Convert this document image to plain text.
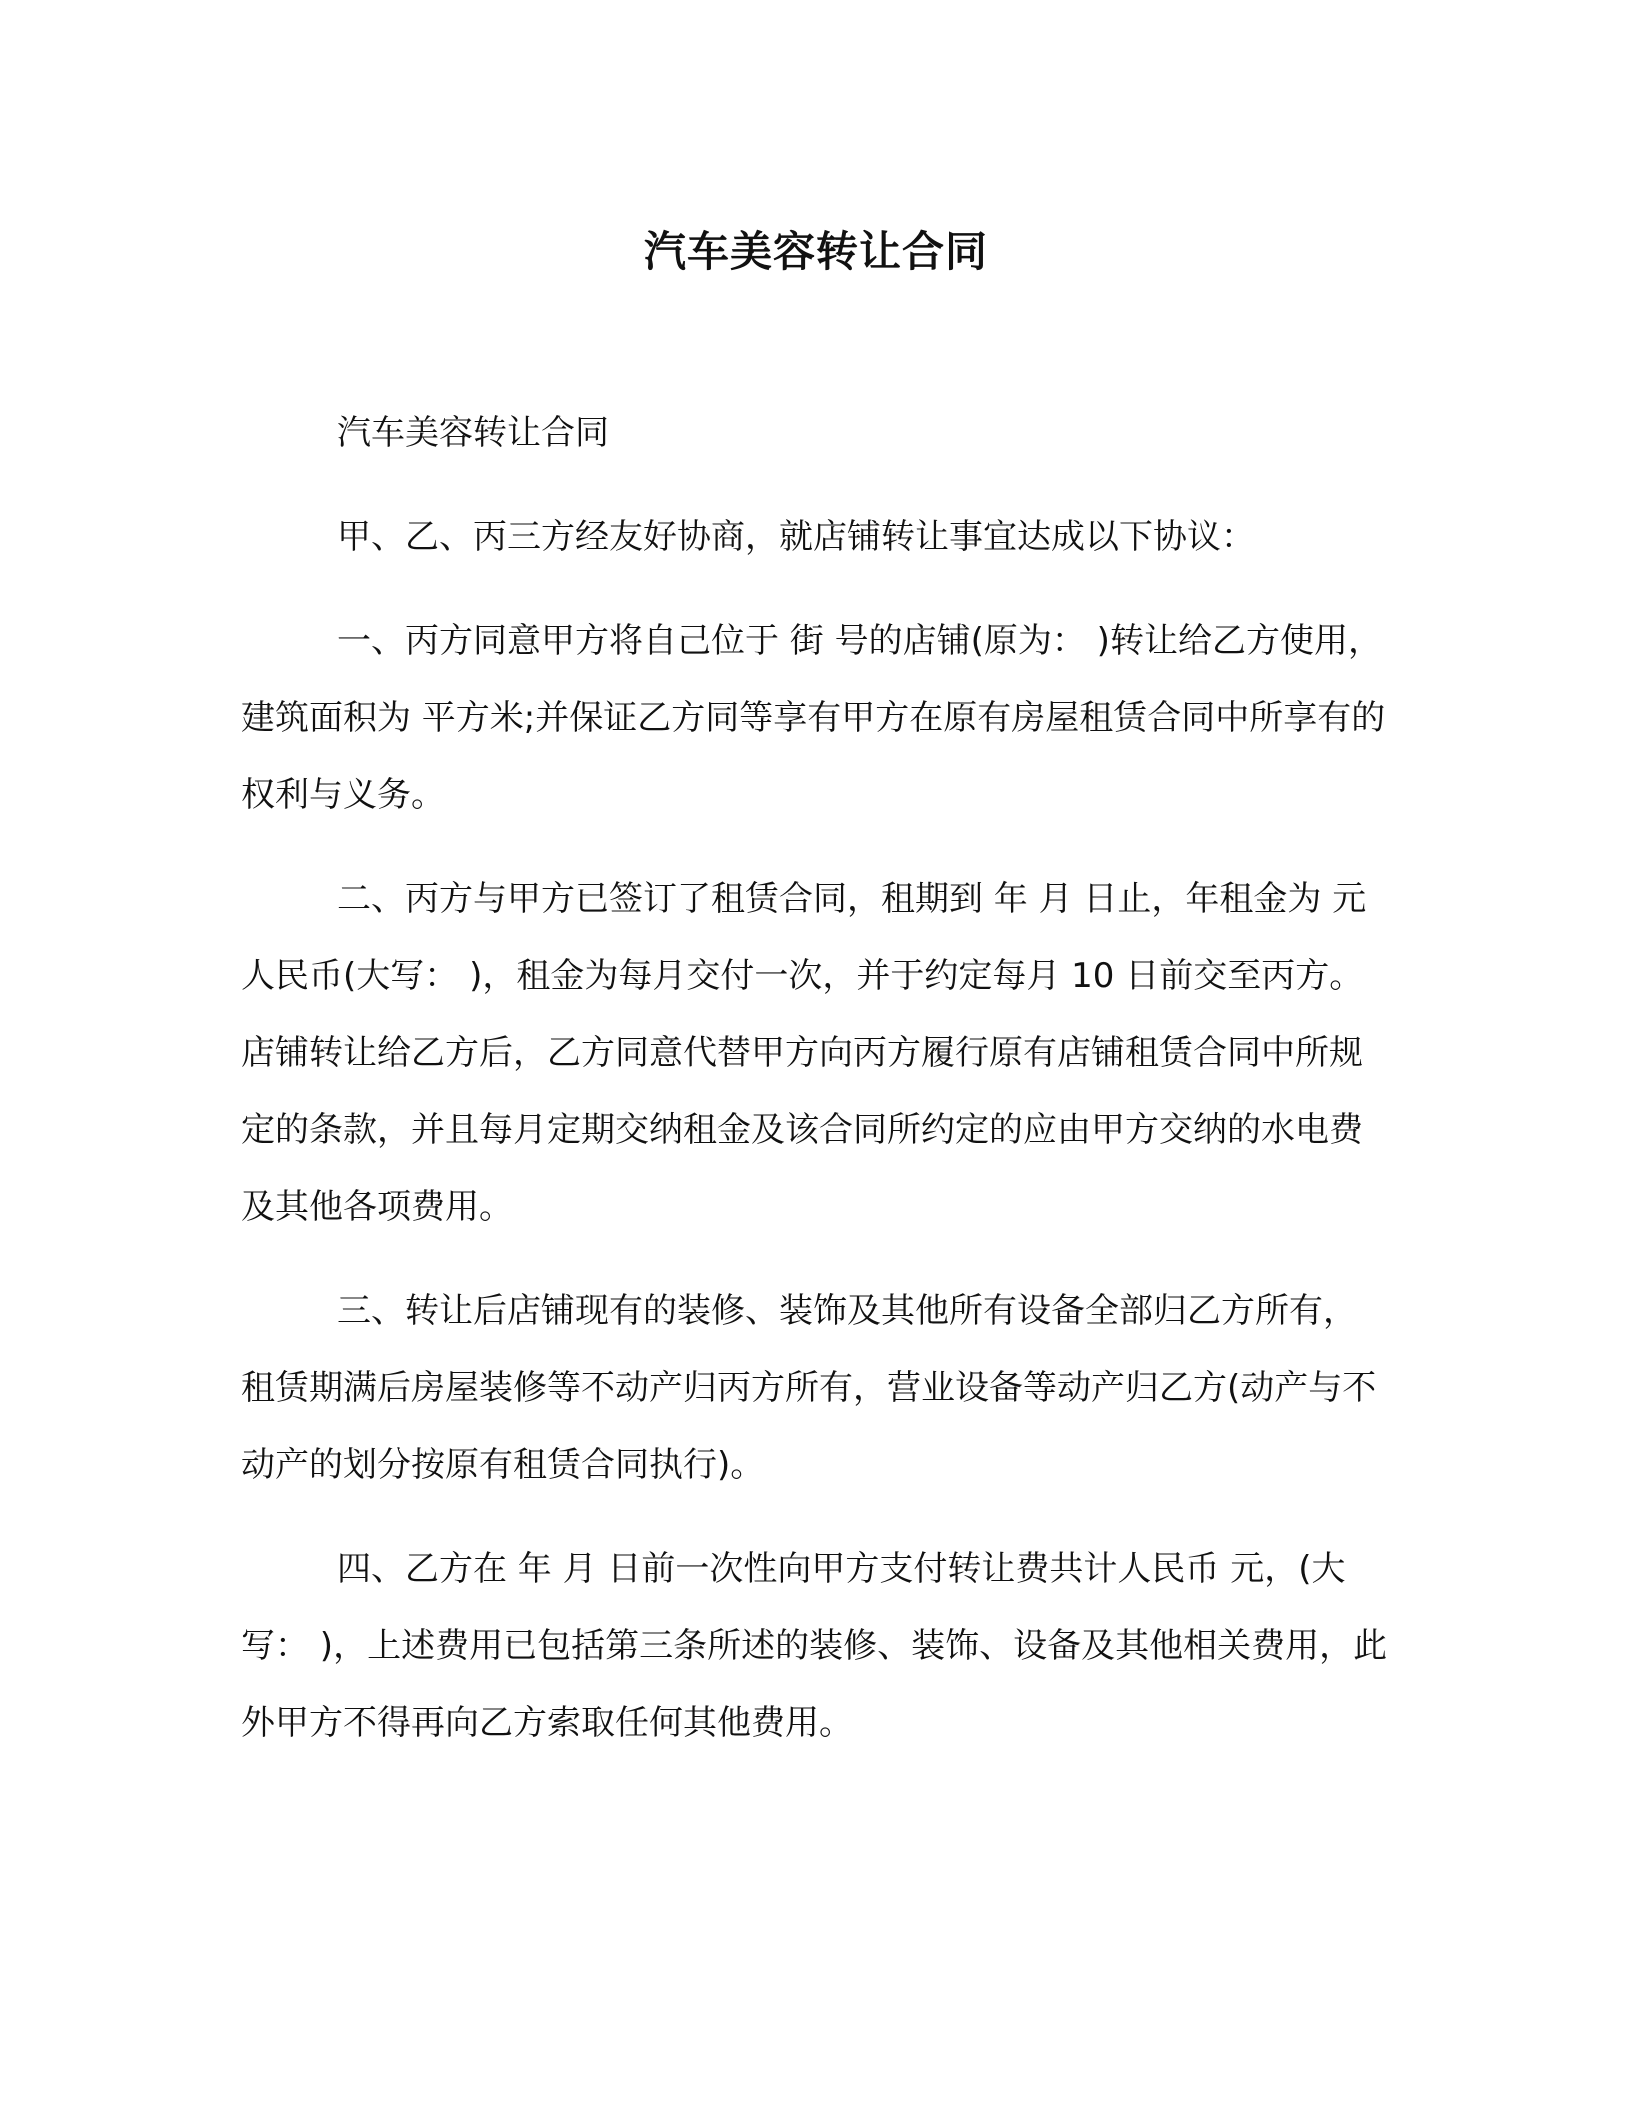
汽车美容转让合同

汽车美容转让合同

甲、乙、丙三方经友好协商，就店铺转让事宜达成以下协议：

一、丙方同意甲方将自己位于 街 号的店铺(原为： )转让给乙方使用，建筑面积为 平方米;并保证乙方同等享有甲方在原有房屋租赁合同中所享有的权利与义务。

二、丙方与甲方已签订了租赁合同，租期到 年 月 日止，年租金为 元人民币(大写： )，租金为每月交付一次，并于约定每月 10 日前交至丙方。店铺转让给乙方后，乙方同意代替甲方向丙方履行原有店铺租赁合同中所规定的条款，并且每月定期交纳租金及该合同所约定的应由甲方交纳的水电费及其他各项费用。

三、转让后店铺现有的装修、装饰及其他所有设备全部归乙方所有，租赁期满后房屋装修等不动产归丙方所有，营业设备等动产归乙方(动产与不动产的划分按原有租赁合同执行)。

四、乙方在 年 月 日前一次性向甲方支付转让费共计人民币 元，(大写： )，上述费用已包括第三条所述的装修、装饰、设备及其他相关费用，此外甲方不得再向乙方索取任何其他费用。
